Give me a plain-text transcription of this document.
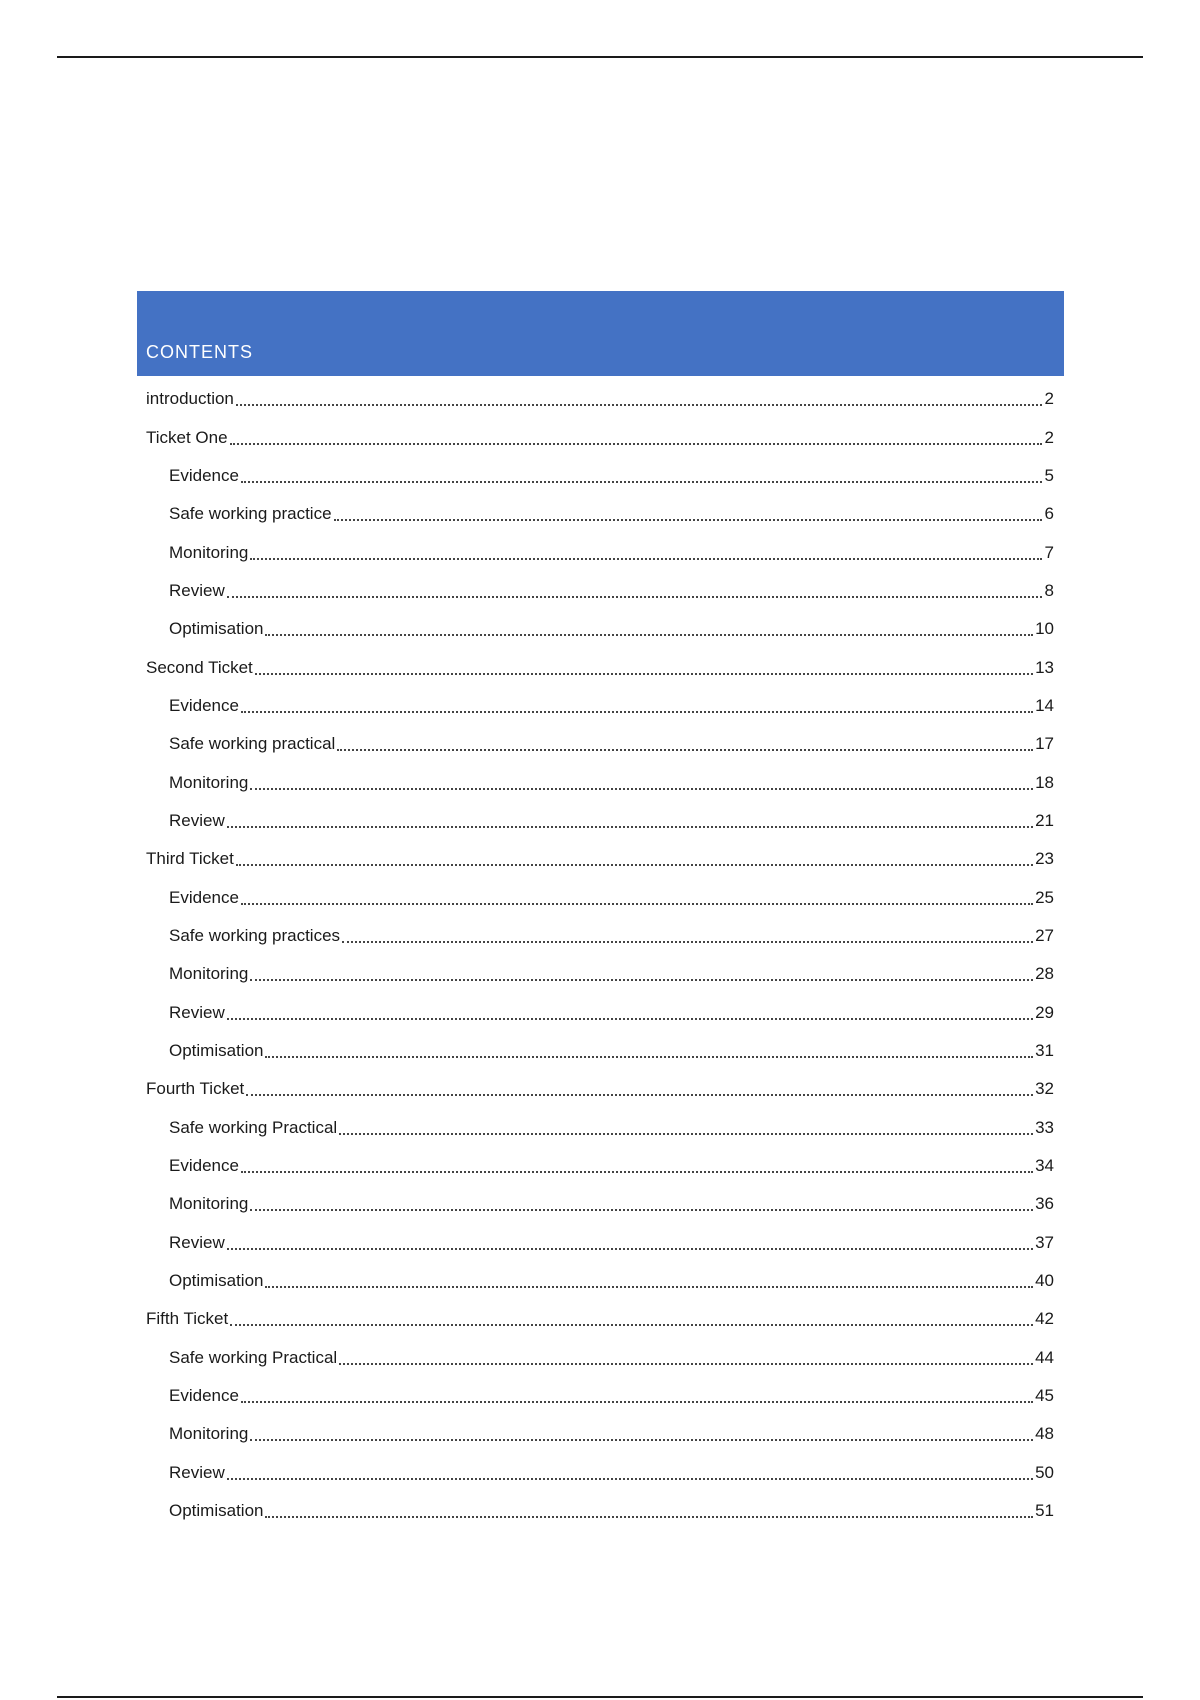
CONTENTS
introduction	2
Ticket One	2
Evidence	5
Safe working practice	6
Monitoring	7
Review	8
Optimisation	10
Second Ticket	13
Evidence	14
Safe working practical	17
Monitoring	18
Review	21
Third Ticket	23
Evidence	25
Safe working practices	27
Monitoring	28
Review	29
Optimisation	31
Fourth Ticket	32
Safe working Practical	33
Evidence	34
Monitoring	36
Review	37
Optimisation	40
Fifth Ticket	42
Safe working Practical	44
Evidence	45
Monitoring	48
Review	50
Optimisation	51
